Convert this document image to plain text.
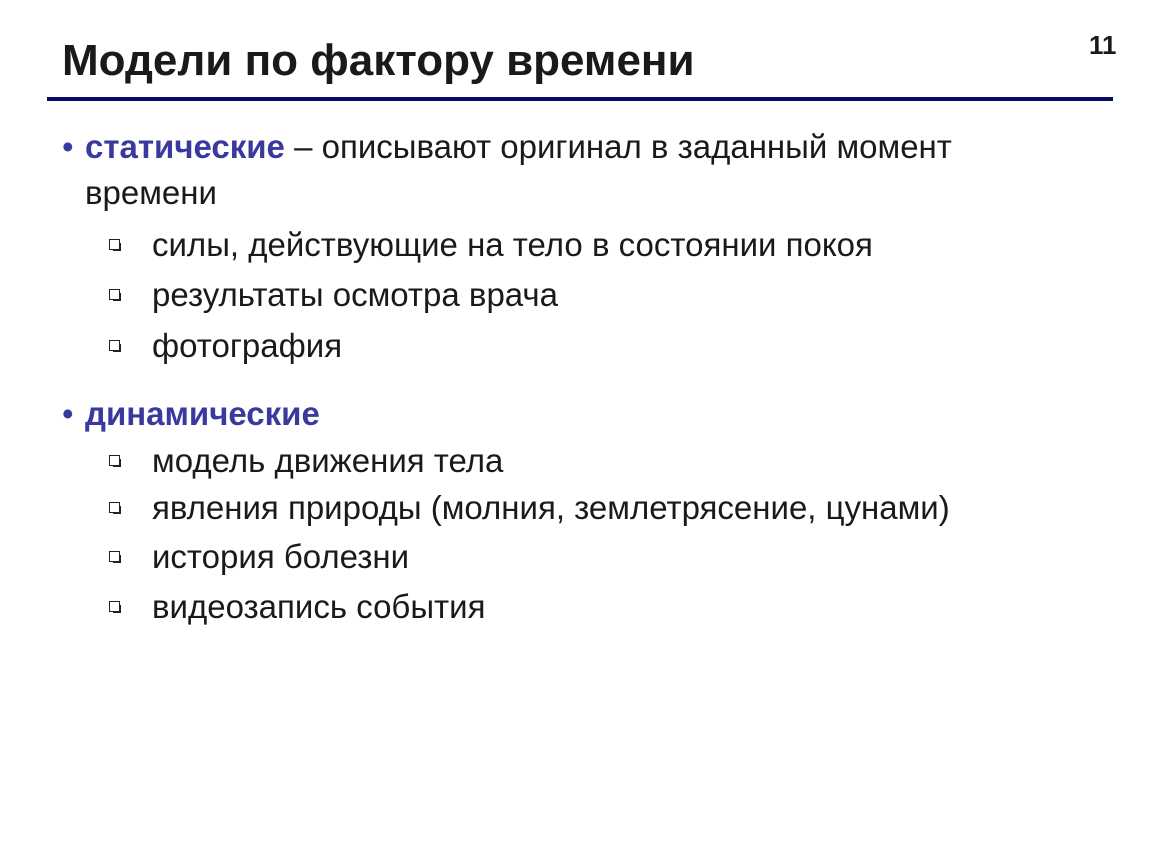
Модели по фактору времени	11
• статические – описывают оригинал в заданный момент времени
силы, действующие на тело в состоянии покоя
результаты осмотра врача
фотография
• динамические
модель движения тела
явления природы (молния, землетрясение, цунами)
история болезни
видеозапись события
